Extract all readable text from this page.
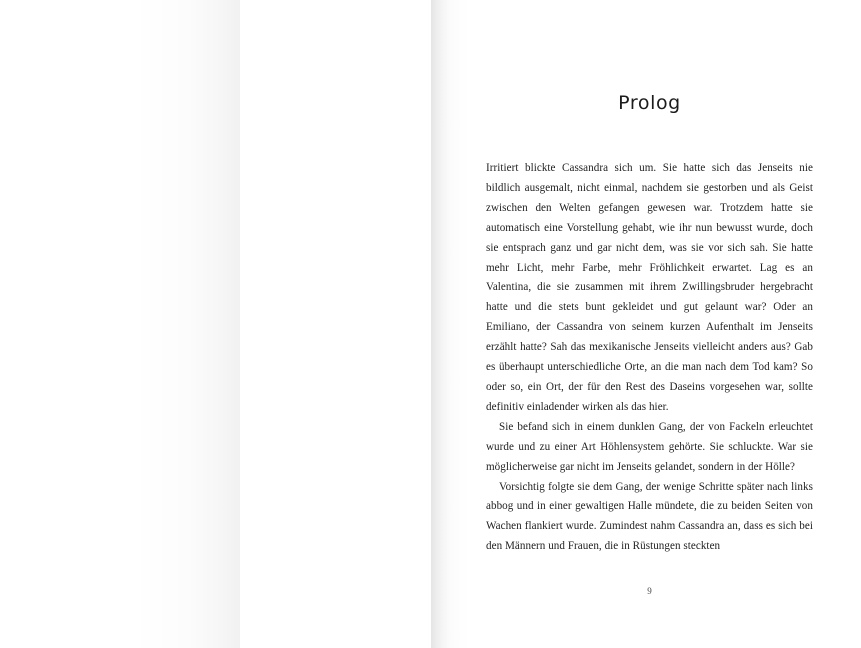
Prolog

Irritiert blickte Cassandra sich um. Sie hatte sich das Jenseits nie bildlich ausgemalt, nicht einmal, nachdem sie gestorben und als Geist zwischen den Welten gefangen gewesen war. Trotzdem hatte sie automatisch eine Vorstellung gehabt, wie ihr nun bewusst wurde, doch sie entsprach ganz und gar nicht dem, was sie vor sich sah. Sie hatte mehr Licht, mehr Farbe, mehr Fröhlichkeit erwartet. Lag es an Valentina, die sie zusammen mit ihrem Zwillingsbruder hergebracht hatte und die stets bunt gekleidet und gut gelaunt war? Oder an Emiliano, der Cassandra von seinem kurzen Aufenthalt im Jenseits erzählt hatte? Sah das mexikanische Jenseits vielleicht anders aus? Gab es überhaupt unterschiedliche Orte, an die man nach dem Tod kam? So oder so, ein Ort, der für den Rest des Daseins vorgesehen war, sollte definitiv einladender wirken als das hier.

Sie befand sich in einem dunklen Gang, der von Fackeln erleuchtet wurde und zu einer Art Höhlensystem gehörte. Sie schluckte. War sie möglicherweise gar nicht im Jenseits gelandet, sondern in der Hölle?

Vorsichtig folgte sie dem Gang, der wenige Schritte später nach links abbog und in einer gewaltigen Halle mündete, die zu beiden Seiten von Wachen flankiert wurde. Zumindest nahm Cassandra an, dass es sich bei den Männern und Frauen, die in Rüstungen steckten

9
